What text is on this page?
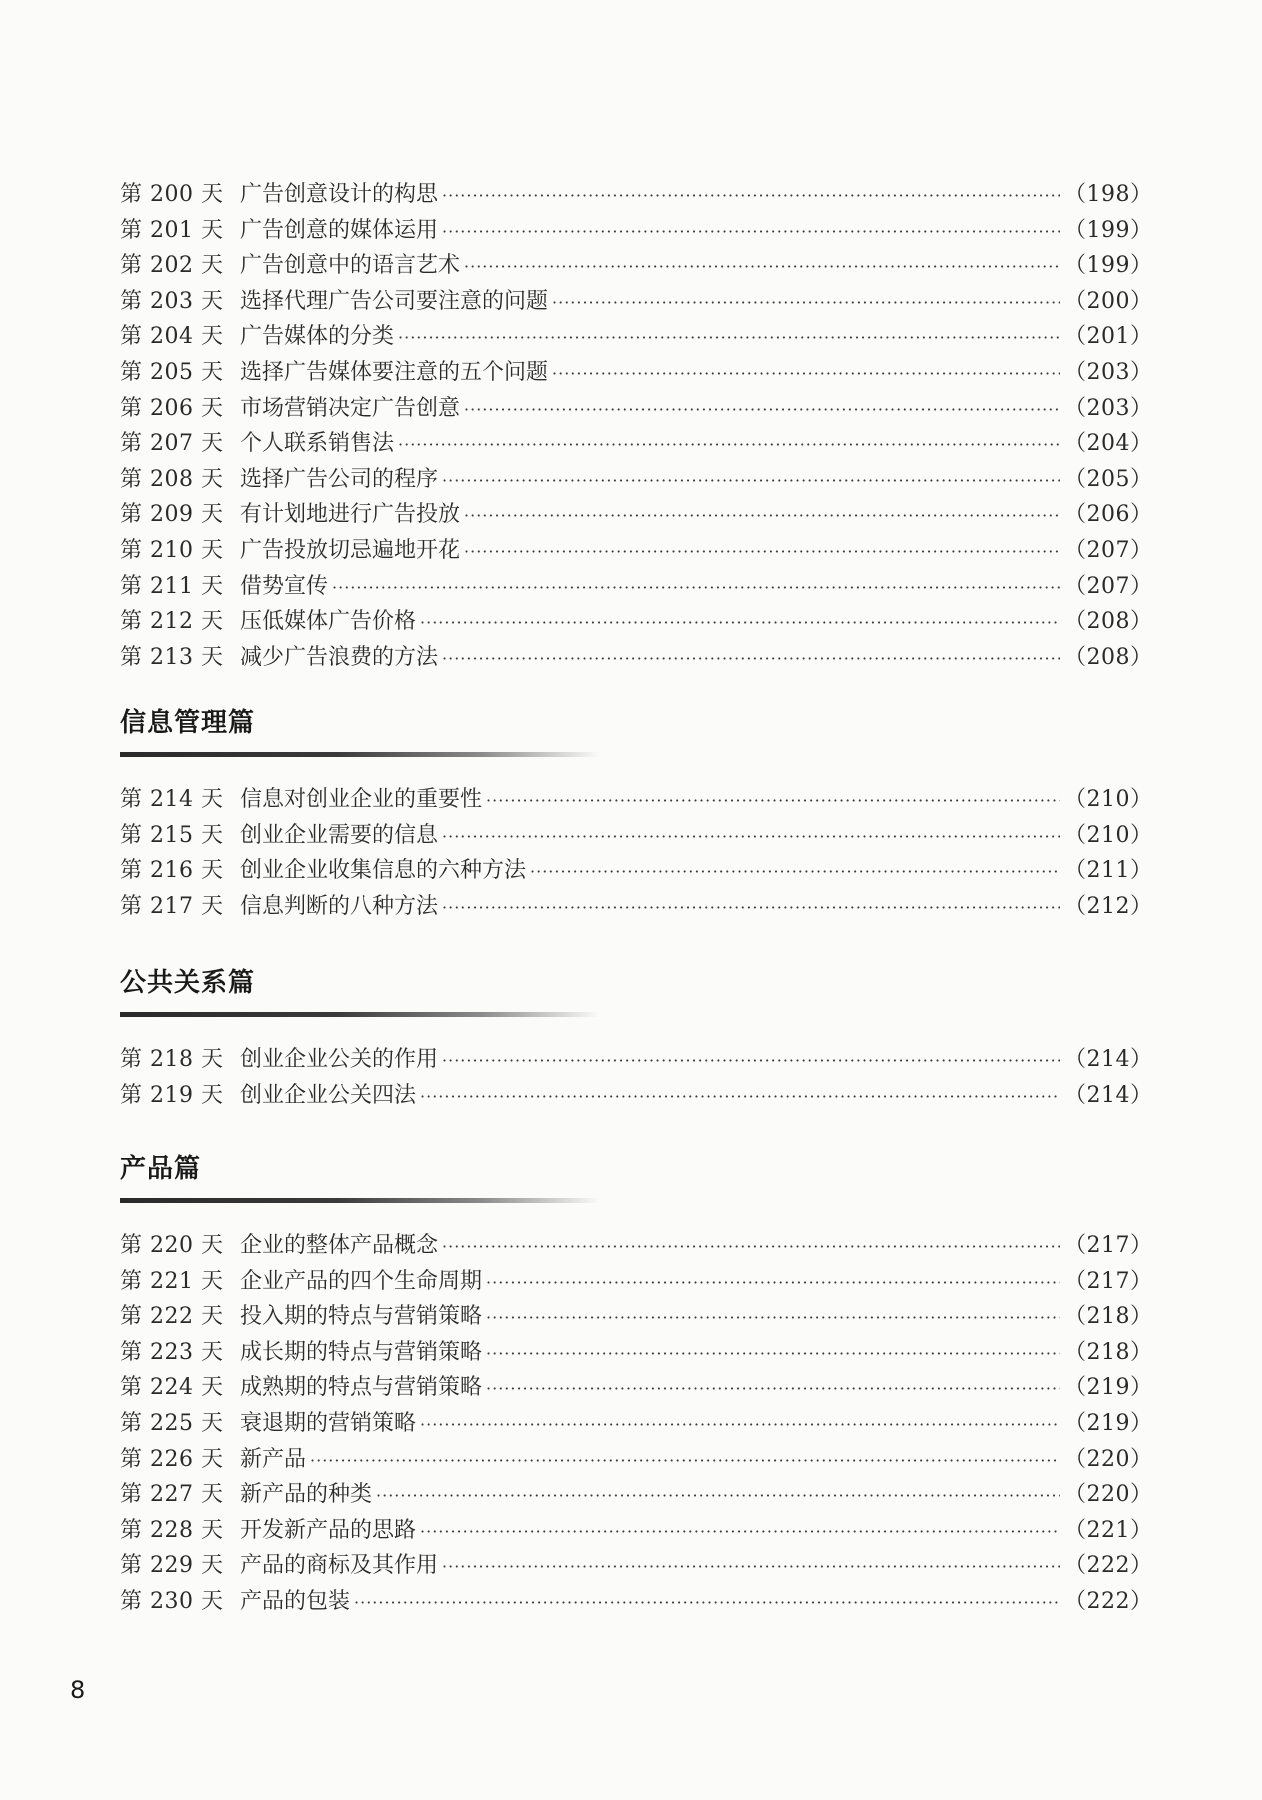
第 200 天 广告创意设计的构思 ·····	（198）
第 201 天 广告创意的媒体运用 ·····	（199）
第 202 天 广告创意中的语言艺术 ·····	（199）
第 203 天 选择代理广告公司要注意的问题 ·····	（200）
第 204 天 广告媒体的分类 ·····	（201）
第 205 天 选择广告媒体要注意的五个问题 ·····	（203）
第 206 天 市场营销决定广告创意 ·····	（203）
第 207 天 个人联系销售法 ·····	（204）
第 208 天 选择广告公司的程序 ·····	（205）
第 209 天 有计划地进行广告投放 ·····	（206）
第 210 天 广告投放切忌遍地开花 ·····	（207）
第 211 天 借势宣传 ·····	（207）
第 212 天 压低媒体广告价格 ·····	（208）
第 213 天 减少广告浪费的方法 ·····	（208）
信息管理篇
第 214 天 信息对创业企业的重要性 ·····	（210）
第 215 天 创业企业需要的信息 ·····	（210）
第 216 天 创业企业收集信息的六种方法 ·····	（211）
第 217 天 信息判断的八种方法 ·····	（212）
公共关系篇
第 218 天 创业企业公关的作用 ·····	（214）
第 219 天 创业企业公关四法 ·····	（214）
产品篇
第 220 天 企业的整体产品概念 ·····	（217）
第 221 天 企业产品的四个生命周期 ·····	（217）
第 222 天 投入期的特点与营销策略 ·····	（218）
第 223 天 成长期的特点与营销策略 ·····	（218）
第 224 天 成熟期的特点与营销策略 ·····	（219）
第 225 天 衰退期的营销策略 ·····	（219）
第 226 天 新产品 ·····	（220）
第 227 天 新产品的种类 ·····	（220）
第 228 天 开发新产品的思路 ·····	（221）
第 229 天 产品的商标及其作用 ·····	（222）
第 230 天 产品的包装 ·····	（222）
8
